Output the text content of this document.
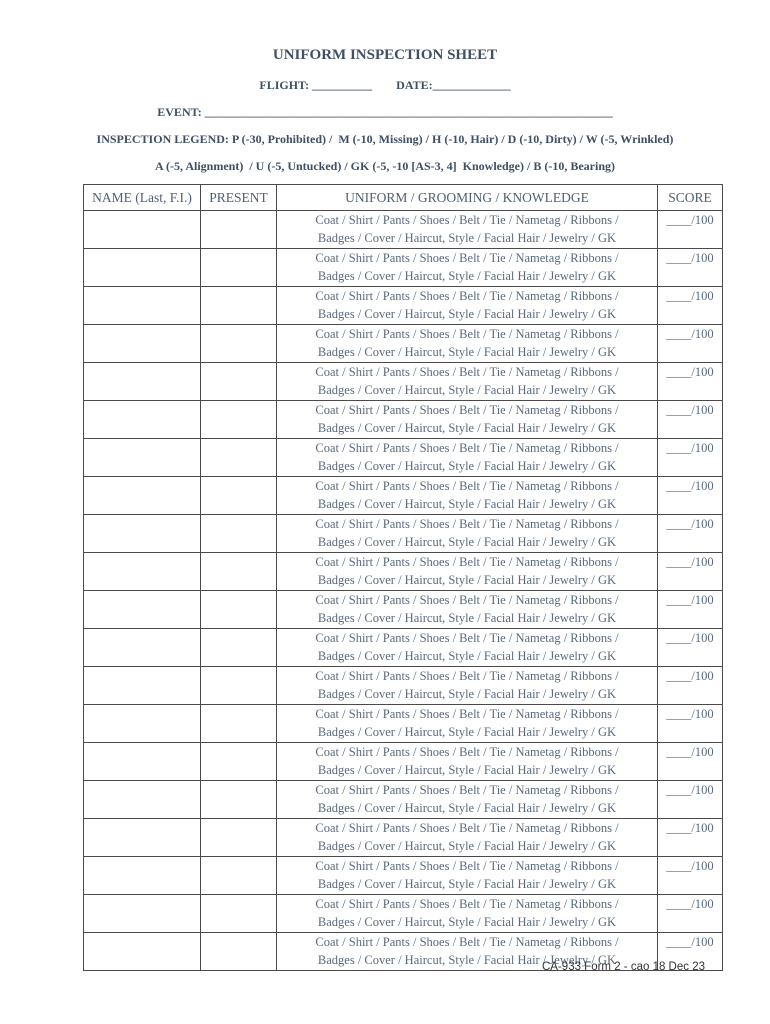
UNIFORM INSPECTION SHEET
FLIGHT: __________        DATE:_____________
EVENT: ____________________________________________________________________
INSPECTION LEGEND: P (-30, Prohibited) /  M (-10, Missing) / H (-10, Hair) / D (-10, Dirty) / W (-5, Wrinkled)
A (-5, Alignment)  / U (-5, Untucked) / GK (-5, -10 [AS-3, 4]  Knowledge) / B (-10, Bearing)
NAME (Last, F.I.)	PRESENT	UNIFORM / GROOMING / KNOWLEDGE	SCORE
		Coat / Shirt / Pants / Shoes / Belt / Tie / Nametag / Ribbons /
Badges / Cover / Haircut, Style / Facial Hair / Jewelry / GK	____/100
		Coat / Shirt / Pants / Shoes / Belt / Tie / Nametag / Ribbons /
Badges / Cover / Haircut, Style / Facial Hair / Jewelry / GK	____/100
		Coat / Shirt / Pants / Shoes / Belt / Tie / Nametag / Ribbons /
Badges / Cover / Haircut, Style / Facial Hair / Jewelry / GK	____/100
		Coat / Shirt / Pants / Shoes / Belt / Tie / Nametag / Ribbons /
Badges / Cover / Haircut, Style / Facial Hair / Jewelry / GK	____/100
		Coat / Shirt / Pants / Shoes / Belt / Tie / Nametag / Ribbons /
Badges / Cover / Haircut, Style / Facial Hair / Jewelry / GK	____/100
		Coat / Shirt / Pants / Shoes / Belt / Tie / Nametag / Ribbons /
Badges / Cover / Haircut, Style / Facial Hair / Jewelry / GK	____/100
		Coat / Shirt / Pants / Shoes / Belt / Tie / Nametag / Ribbons /
Badges / Cover / Haircut, Style / Facial Hair / Jewelry / GK	____/100
		Coat / Shirt / Pants / Shoes / Belt / Tie / Nametag / Ribbons /
Badges / Cover / Haircut, Style / Facial Hair / Jewelry / GK	____/100
		Coat / Shirt / Pants / Shoes / Belt / Tie / Nametag / Ribbons /
Badges / Cover / Haircut, Style / Facial Hair / Jewelry / GK	____/100
		Coat / Shirt / Pants / Shoes / Belt / Tie / Nametag / Ribbons /
Badges / Cover / Haircut, Style / Facial Hair / Jewelry / GK	____/100
		Coat / Shirt / Pants / Shoes / Belt / Tie / Nametag / Ribbons /
Badges / Cover / Haircut, Style / Facial Hair / Jewelry / GK	____/100
		Coat / Shirt / Pants / Shoes / Belt / Tie / Nametag / Ribbons /
Badges / Cover / Haircut, Style / Facial Hair / Jewelry / GK	____/100
		Coat / Shirt / Pants / Shoes / Belt / Tie / Nametag / Ribbons /
Badges / Cover / Haircut, Style / Facial Hair / Jewelry / GK	____/100
		Coat / Shirt / Pants / Shoes / Belt / Tie / Nametag / Ribbons /
Badges / Cover / Haircut, Style / Facial Hair / Jewelry / GK	____/100
		Coat / Shirt / Pants / Shoes / Belt / Tie / Nametag / Ribbons /
Badges / Cover / Haircut, Style / Facial Hair / Jewelry / GK	____/100
		Coat / Shirt / Pants / Shoes / Belt / Tie / Nametag / Ribbons /
Badges / Cover / Haircut, Style / Facial Hair / Jewelry / GK	____/100
		Coat / Shirt / Pants / Shoes / Belt / Tie / Nametag / Ribbons /
Badges / Cover / Haircut, Style / Facial Hair / Jewelry / GK	____/100
		Coat / Shirt / Pants / Shoes / Belt / Tie / Nametag / Ribbons /
Badges / Cover / Haircut, Style / Facial Hair / Jewelry / GK	____/100
		Coat / Shirt / Pants / Shoes / Belt / Tie / Nametag / Ribbons /
Badges / Cover / Haircut, Style / Facial Hair / Jewelry / GK	____/100
		Coat / Shirt / Pants / Shoes / Belt / Tie / Nametag / Ribbons /
Badges / Cover / Haircut, Style / Facial Hair / Jewelry / GK	____/100
CA-933 Form 2 - cao 18 Dec 23
